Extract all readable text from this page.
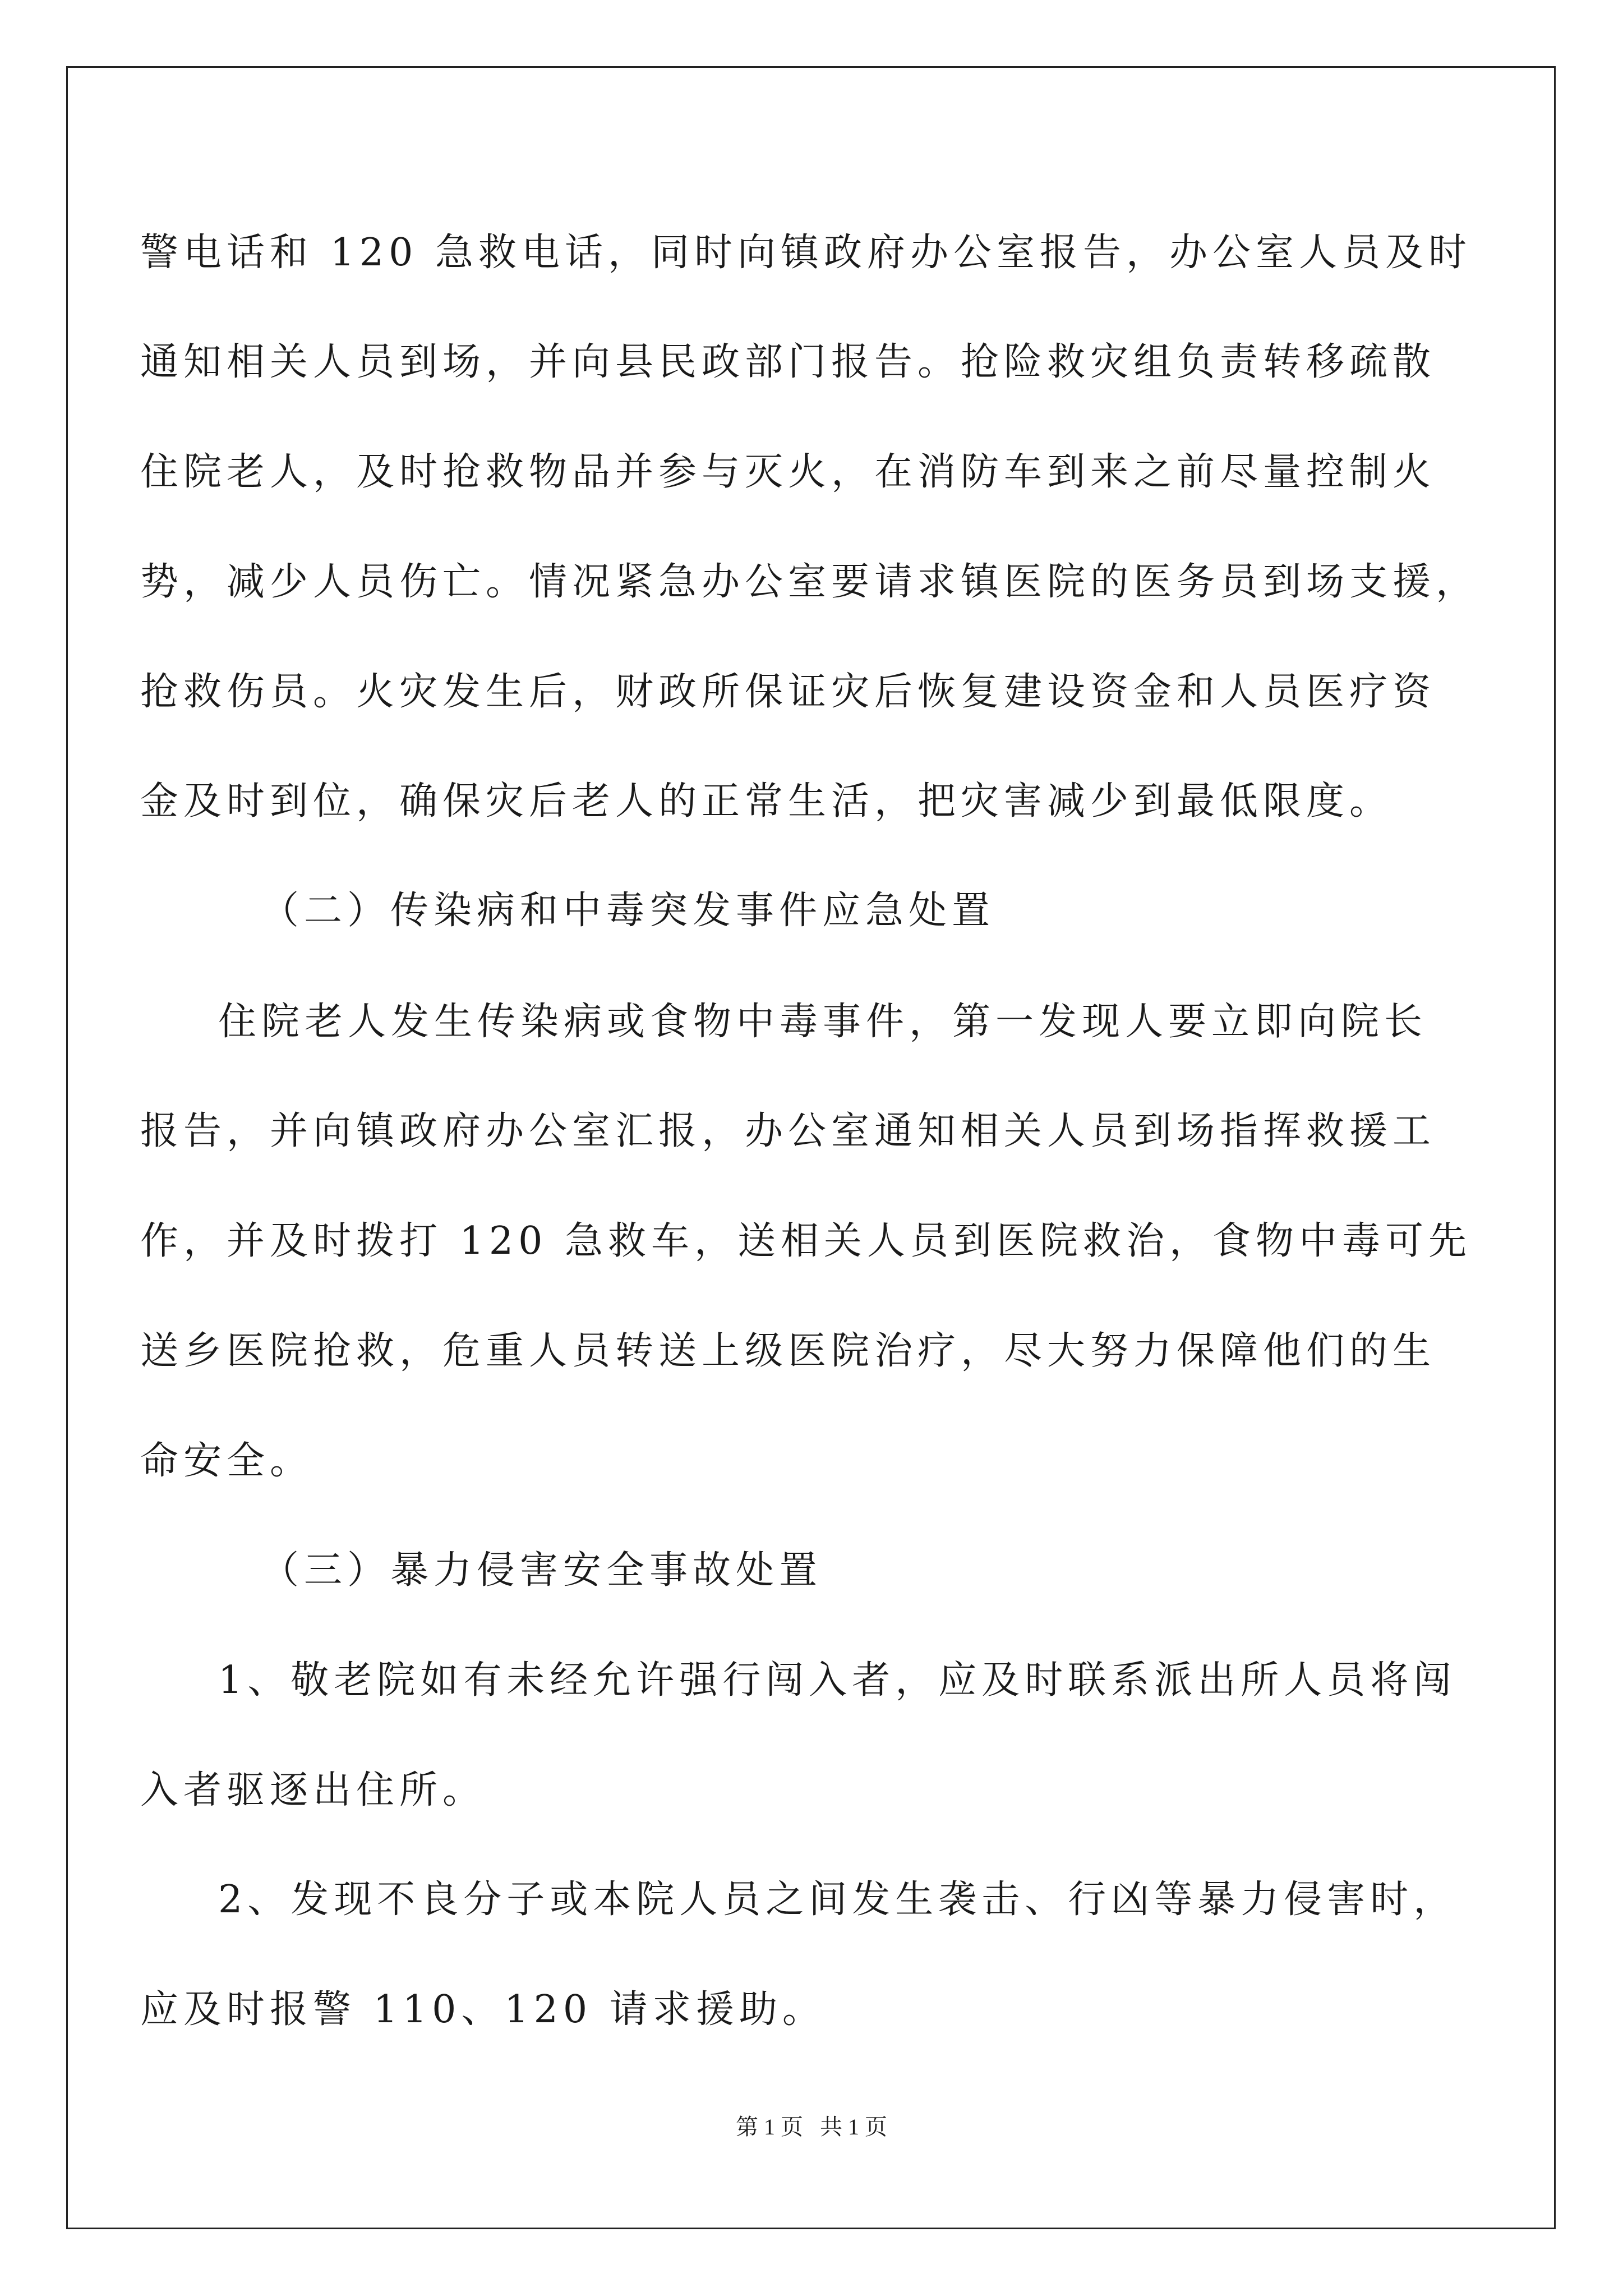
警电话和 120 急救电话，同时向镇政府办公室报告，办公室人员及时
通知相关人员到场，并向县民政部门报告。抢险救灾组负责转移疏散
住院老人，及时抢救物品并参与灭火，在消防车到来之前尽量控制火
势，减少人员伤亡。情况紧急办公室要请求镇医院的医务员到场支援，
抢救伤员。火灾发生后，财政所保证灾后恢复建设资金和人员医疗资
金及时到位，确保灾后老人的正常生活，把灾害减少到最低限度。
（二）传染病和中毒突发事件应急处置
住院老人发生传染病或食物中毒事件，第一发现人要立即向院长
报告，并向镇政府办公室汇报，办公室通知相关人员到场指挥救援工
作，并及时拨打 120 急救车，送相关人员到医院救治，食物中毒可先
送乡医院抢救，危重人员转送上级医院治疗，尽大努力保障他们的生
命安全。
（三）暴力侵害安全事故处置
1、敬老院如有未经允许强行闯入者，应及时联系派出所人员将闯
入者驱逐出住所。
2、发现不良分子或本院人员之间发生袭击、行凶等暴力侵害时，
应及时报警 110、120 请求援助。
第 1 页   共 1 页
